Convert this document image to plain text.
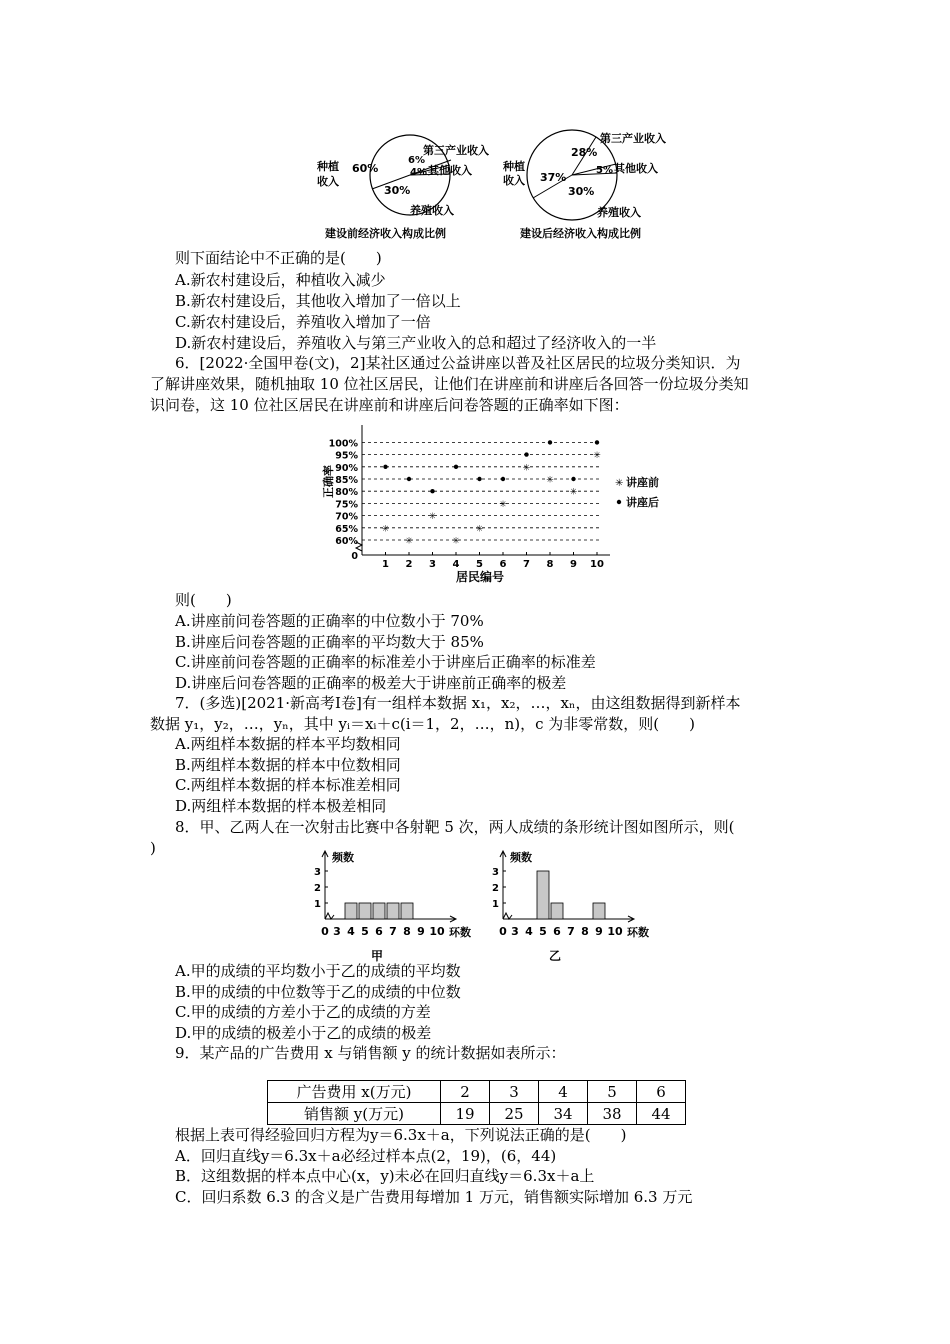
60%
30%
6%
4%
种植
收入
第三产业收入
其他收入
养殖收入
建设前经济收入构成比例
28%
37%
30%
5%
种植
收入
第三产业收入
其他收入
养殖收入
建设后经济收入构成比例
则下面结论中不正确的是(　　)
A.新农村建设后，种植收入减少
B.新农村建设后，其他收入增加了一倍以上
C.新农村建设后，养殖收入增加了一倍
D.新农村建设后，养殖收入与第三产业收入的总和超过了经济收入的一半
6．[2022·全国甲卷(文)，2]某社区通过公益讲座以普及社区居民的垃圾分类知识．为
了解讲座效果，随机抽取 10 位社区居民，让他们在讲座前和讲座后各回答一份垃圾分类知
识问卷，这 10 位社区居民在讲座前和讲座后问卷答题的正确率如下图：
0
60%
65%
70%
75%
80%
85%
90%
95%
100%
1 2 3 4 5 6 7 8 9 10
✳
✳
✳
✳
✳
✳
✳
✳
✳
✳
居民编号
正确率	✳ 讲座前
讲座后
则(　　)
A.讲座前问卷答题的正确率的中位数小于 70%
B.讲座后问卷答题的正确率的平均数大于 85%
C.讲座前问卷答题的正确率的标准差小于讲座后正确率的标准差
D.讲座后问卷答题的正确率的极差大于讲座前正确率的极差
7．(多选)[2021·新高考Ⅰ卷]有一组样本数据 x₁，x₂，…，xₙ，由这组数据得到新样本
数据 y₁，y₂，…，yₙ，其中 yᵢ＝xᵢ＋c(i＝1，2，…，n)，c 为非零常数，则(　　)
A.两组样本数据的样本平均数相同
B.两组样本数据的样本中位数相同
C.两组样本数据的样本标准差相同
D.两组样本数据的样本极差相同
8．甲、乙两人在一次射击比赛中各射靶 5 次，两人成绩的条形统计图如图所示，则(
)
频数
1
2
3
0 3 4 5 6 7 8 9 10 环数
甲
频数
1
2
3
0 3 4 5 6 7 8 9 10 环数
乙
A.甲的成绩的平均数小于乙的成绩的平均数
B.甲的成绩的中位数等于乙的成绩的中位数
C.甲的成绩的方差小于乙的成绩的方差
D.甲的成绩的极差小于乙的成绩的极差
9．某产品的广告费用 x 与销售额 y 的统计数据如表所示：
广告费用 x(万元)	2	3	4	5	6
销售额 y(万元)	19	25	34	38	44
根据上表可得经验回归方程为y＝6.3x＋a，下列说法正确的是(　　)
A．回归直线y＝6.3x＋a必经过样本点(2，19)，(6，44)
B．这组数据的样本点中心(x，y)未必在回归直线y＝6.3x＋a上
C．回归系数 6.3 的含义是广告费用每增加 1 万元，销售额实际增加 6.3 万元
